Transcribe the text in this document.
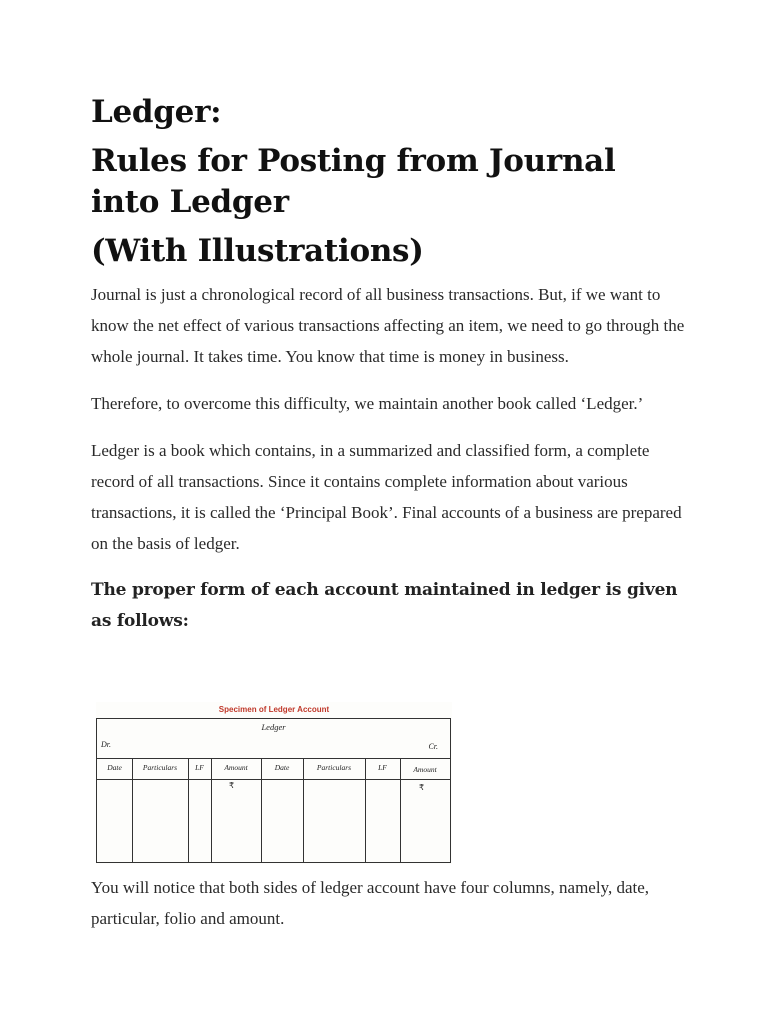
Ledger:
Rules for Posting from Journal
into Ledger
(With Illustrations)

Journal is just a chronological record of all business transactions. But, if we want to know the net effect of various transactions affecting an item, we need to go through the whole journal. It takes time. You know that time is money in business.

Therefore, to overcome this difficulty, we maintain another book called ‘Ledger.’

Ledger is a book which contains, in a summarized and classified form, a complete record of all transactions. Since it contains complete information about various transactions, it is called the ‘Principal Book’. Final accounts of a business are prepared on the basis of ledger.

The proper form of each account maintained in ledger is given as follows:

Specimen of Ledger Account
Ledger
Dr.	Cr.
Date	Particulars	LF	Amount	Date	Particulars	LF	Amount
₹	₹

You will notice that both sides of ledger account have four columns, namely, date, particular, folio and amount.
